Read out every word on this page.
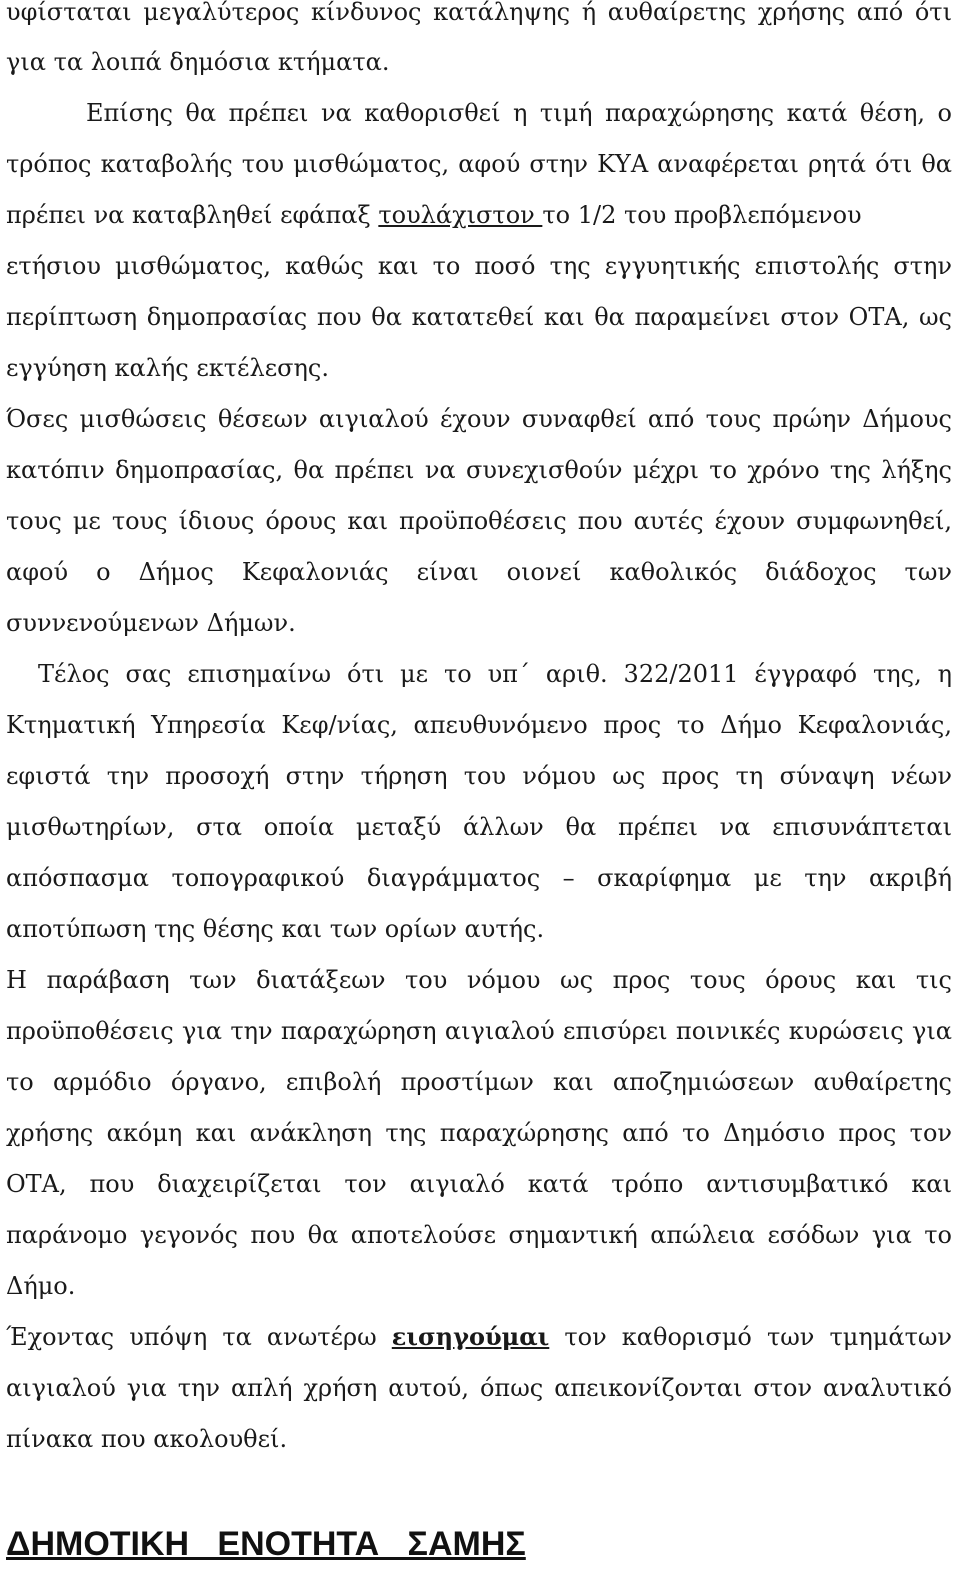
υφίσταται μεγαλύτερος κίνδυνος κατάληψης ή αυθαίρετης χρήσης από ότι
για τα λοιπά δημόσια κτήματα.
Επίσης θα πρέπει να καθορισθεί η τιμή παραχώρησης κατά θέση, ο
τρόπος καταβολής του μισθώματος, αφού στην ΚΥΑ αναφέρεται ρητά ότι θα
πρέπει να καταβληθεί εφάπαξ τουλάχιστον το 1/2 του προβλεπόμενου
ετήσιου μισθώματος, καθώς και το ποσό της εγγυητικής επιστολής στην
περίπτωση δημοπρασίας που θα κατατεθεί και θα παραμείνει στον ΟΤΑ, ως
εγγύηση καλής εκτέλεσης.
Όσες μισθώσεις θέσεων αιγιαλού έχουν συναφθεί από τους πρώην Δήμους
κατόπιν δημοπρασίας, θα πρέπει να συνεχισθούν μέχρι το χρόνο της λήξης
τους με τους ίδιους όρους και προϋποθέσεις που αυτές έχουν συμφωνηθεί,
αφού ο Δήμος Κεφαλονιάς είναι οιονεί καθολικός διάδοχος των
συννενούμενων Δήμων.
Τέλος σας επισημαίνω ότι με το υπ΄ αριθ. 322/2011 έγγραφό της, η
Κτηματική Υπηρεσία Κεφ/νίας, απευθυνόμενο προς το Δήμο Κεφαλονιάς,
εφιστά την προσοχή στην τήρηση του νόμου ως προς τη σύναψη νέων
μισθωτηρίων, στα οποία μεταξύ άλλων θα πρέπει να επισυνάπτεται
απόσπασμα τοπογραφικού διαγράμματος – σκαρίφημα με την ακριβή
αποτύπωση της θέσης και των ορίων αυτής.
Η παράβαση των διατάξεων του νόμου ως προς τους όρους και τις
προϋποθέσεις για την παραχώρηση αιγιαλού επισύρει ποινικές κυρώσεις για
το αρμόδιο όργανο, επιβολή προστίμων και αποζημιώσεων αυθαίρετης
χρήσης ακόμη και ανάκληση της παραχώρησης από το Δημόσιο προς τον
ΟΤΑ, που διαχειρίζεται τον αιγιαλό κατά τρόπο αντισυμβατικό και
παράνομο γεγονός που θα αποτελούσε σημαντική απώλεια εσόδων για το
Δήμο.
Έχοντας υπόψη τα ανωτέρω εισηγούμαι τον καθορισμό των τμημάτων
αιγιαλού για την απλή χρήση αυτού, όπως απεικονίζονται στον αναλυτικό
πίνακα που ακολουθεί.
ΔΗΜΟΤΙΚΗ   ΕΝΟΤΗΤΑ   ΣΑΜΗΣ
